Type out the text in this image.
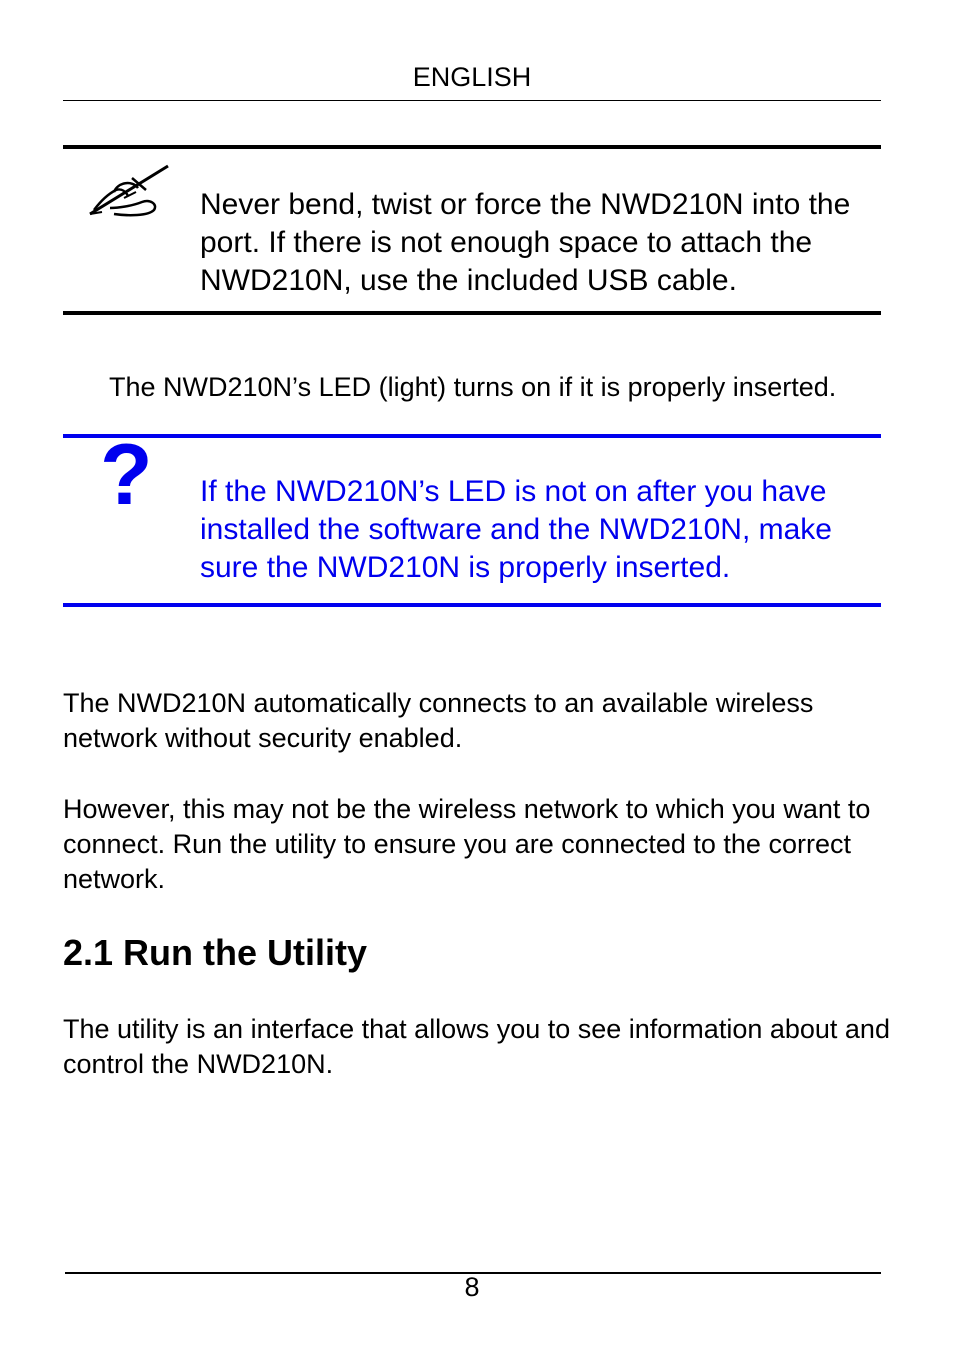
ENGLISH
Never bend, twist or force the NWD210N into the port. If there is not enough space to attach the NWD210N, use the included USB cable.
The NWD210N’s LED (light) turns on if it is properly inserted.
? If the NWD210N’s LED is not on after you have installed the software and the NWD210N, make sure the NWD210N is properly inserted.
The NWD210N automatically connects to an available wireless network without security enabled.
However, this may not be the wireless network to which you want to connect. Run the utility to ensure you are connected to the correct network.
2.1 Run the Utility
The utility is an interface that allows you to see information about and control the NWD210N.
8
